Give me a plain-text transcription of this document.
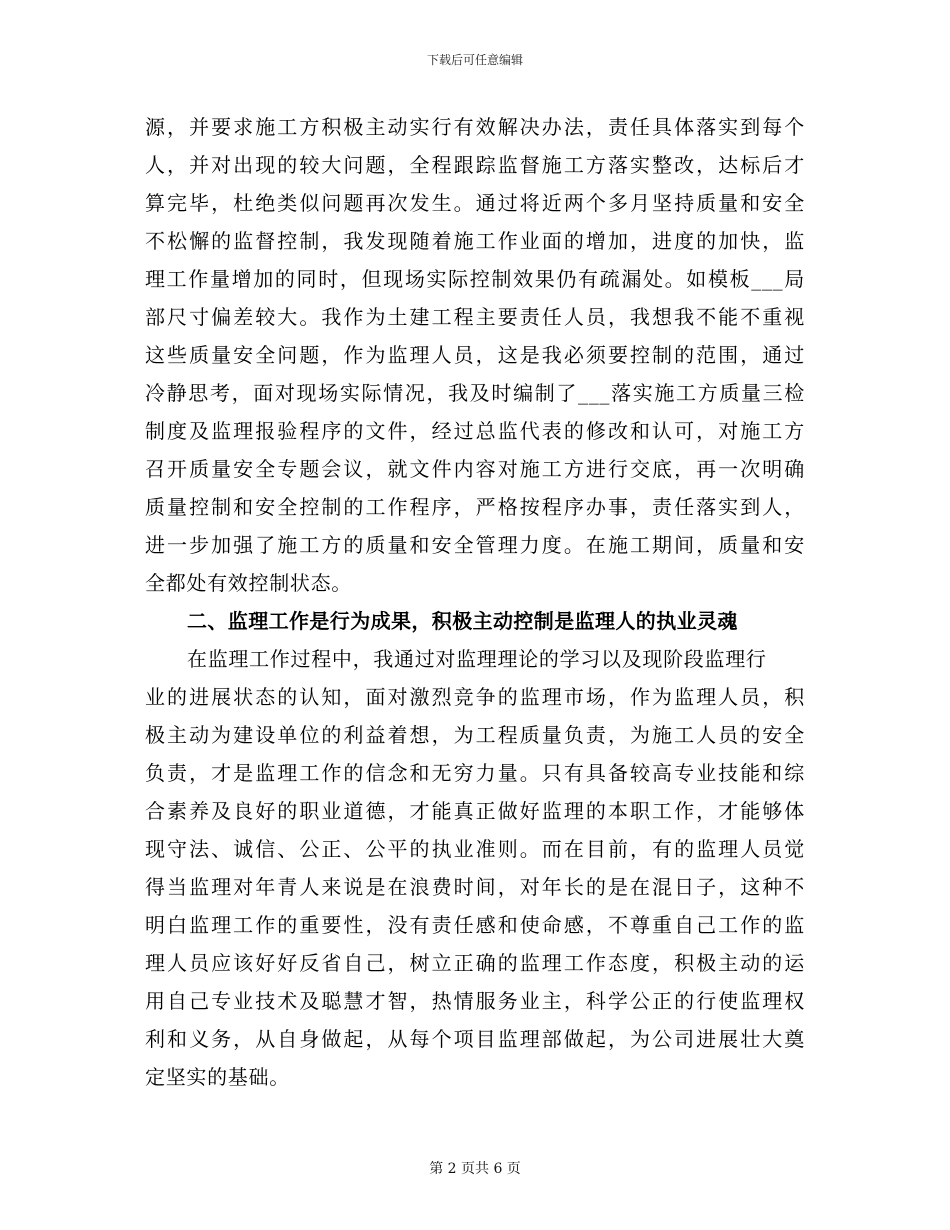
下载后可任意编辑
源，并要求施工方积极主动实行有效解决办法，责任具体落实到每个
人，并对出现的较大问题，全程跟踪监督施工方落实整改，达标后才
算完毕，杜绝类似问题再次发生。通过将近两个多月坚持质量和安全
不松懈的监督控制，我发现随着施工作业面的增加，进度的加快，监
理工作量增加的同时，但现场实际控制效果仍有疏漏处。如模板___局
部尺寸偏差较大。我作为土建工程主要责任人员，我想我不能不重视
这些质量安全问题，作为监理人员，这是我必须要控制的范围，通过
冷静思考，面对现场实际情况，我及时编制了___落实施工方质量三检
制度及监理报验程序的文件，经过总监代表的修改和认可，对施工方
召开质量安全专题会议，就文件内容对施工方进行交底，再一次明确
质量控制和安全控制的工作程序，严格按程序办事，责任落实到人，
进一步加强了施工方的质量和安全管理力度。在施工期间，质量和安
全都处有效控制状态。
二、监理工作是行为成果，积极主动控制是监理人的执业灵魂
在监理工作过程中，我通过对监理理论的学习以及现阶段监理行
业的进展状态的认知，面对激烈竞争的监理市场，作为监理人员，积
极主动为建设单位的利益着想，为工程质量负责，为施工人员的安全
负责，才是监理工作的信念和无穷力量。只有具备较高专业技能和综
合素养及良好的职业道德，才能真正做好监理的本职工作，才能够体
现守法、诚信、公正、公平的执业准则。而在目前，有的监理人员觉
得当监理对年青人来说是在浪费时间，对年长的是在混日子，这种不
明白监理工作的重要性，没有责任感和使命感，不尊重自己工作的监
理人员应该好好反省自己，树立正确的监理工作态度，积极主动的运
用自己专业技术及聪慧才智，热情服务业主，科学公正的行使监理权
利和义务，从自身做起，从每个项目监理部做起，为公司进展壮大奠
定坚实的基础。
第 2 页共 6 页
